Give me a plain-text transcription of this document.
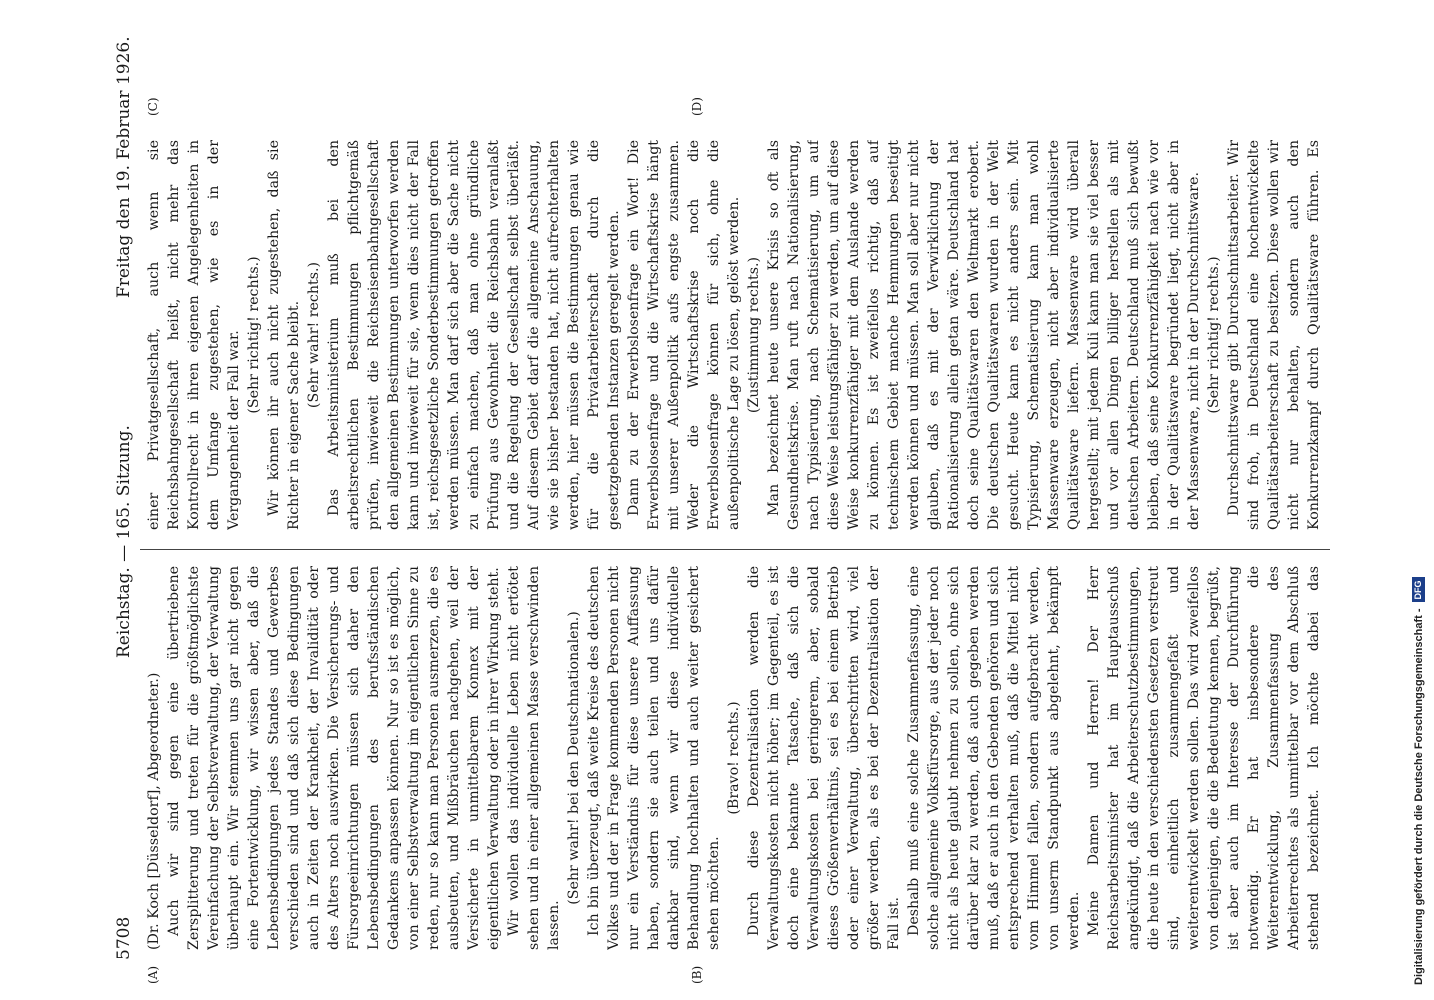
5708
Reichstag. — 165. Sitzung.
Freitag den 19. Februar 1926.
(A)	(B)
(C)	(D)

(Dr. Koch [Düsseldorf], Abgeordneter.) Auch wir sind gegen eine übertriebene Zersplitterung und treten für die größtmöglichste Vereinfachung der Selbstverwaltung, der Verwaltung überhaupt ein. Wir stemmen uns gar nicht gegen eine Fortentwicklung, wir wissen aber, daß die Lebensbedingungen jedes Standes und Gewerbes verschieden sind und daß sich diese Bedingungen auch in Zeiten der Krankheit, der Invalidität oder des Alters noch auswirken. Die Versicherungs- und Fürsorgeeinrichtungen müssen sich daher den Lebensbedingungen des berufsständischen Gedankens anpassen können. Nur so ist es möglich, von einer Selbstverwaltung im eigentlichen Sinne zu reden, nur so kann man Personen ausmerzen, die es ausbeuten, und Mißbräuchen nachgehen, weil der Versicherte in unmittelbarem Konnex mit der eigentlichen Verwaltung oder in ihrer Wirkung steht. Wir wollen das individuelle Leben nicht ertötet sehen und in einer allgemeinen Masse verschwinden lassen.

(Sehr wahr! bei den Deutschnationalen.) Ich bin überzeugt, daß weite Kreise des deutschen Volkes und der in Frage kommenden Personen nicht nur ein Verständnis für diese unsere Auffassung haben, sondern sie auch teilen und uns dafür dankbar sind, wenn wir diese individuelle Behandlung hochhalten und auch weiter gesichert sehen möchten.

(Bravo! rechts.) Durch diese Dezentralisation werden die Verwaltungskosten nicht höher; im Gegenteil, es ist doch eine bekannte Tatsache, daß sich die Verwaltungskosten bei geringerem, aber, sobald dieses Größenverhältnis, sei es bei einem Betrieb oder einer Verwaltung, überschritten wird, viel größer werden, als es bei der Dezentralisation der Fall ist. Deshalb muß eine solche Zusammenfassung, eine solche allgemeine Volksfürsorge, aus der jeder noch nicht als heute glaubt nehmen zu sollen, ohne sich darüber klar zu werden, daß auch gegeben werden muß, daß er auch in den Gebenden gehören und sich entsprechend verhalten muß, daß die Mittel nicht vom Himmel fallen, sondern aufgebracht werden, von unserm Standpunkt aus abgelehnt, bekämpft werden. Meine Damen und Herren! Der Herr Reichsarbeitsminister hat im Hauptausschuß angekündigt, daß die Arbeiterschutzbestimmungen, die heute in den verschiedensten Gesetzen verstreut sind, einheitlich zusammengefaßt und weiterentwickelt werden sollen. Das wird zweifellos von denjenigen, die die Bedeutung kennen, begrüßt, ist aber auch im Interesse der Durchführung notwendig. Er hat insbesondere die Weiterentwicklung, Zusammenfassung des Arbeiterrechtes als unmittelbar vor dem Abschluß stehend bezeichnet. Ich möchte dabei das

einer Privatgesellschaft, auch wenn sie Reichsbahngesellschaft heißt, nicht mehr das Kontrollrecht in ihren eigenen Angelegenheiten in dem Umfange zugestehen, wie es in der Vergangenheit der Fall war. (Sehr richtig! rechts.) Wir können ihr auch nicht zugestehen, daß sie Richter in eigener Sache bleibt. (Sehr wahr! rechts.) Das Arbeitsministerium muß bei den arbeitsrechtlichen Bestimmungen pflichtgemäß prüfen, inwieweit die Reichseisenbahngesellschaft den allgemeinen Bestimmungen unterworfen werden kann und inwieweit für sie, wenn dies nicht der Fall ist, reichsgesetzliche Sonderbestimmungen getroffen werden müssen. Man darf sich aber die Sache nicht zu einfach machen, daß man ohne gründliche Prüfung aus Gewohnheit die Reichsbahn veranlaßt und die Regelung der Gesellschaft selbst überläßt. Auf diesem Gebiet darf die allgemeine Anschauung, wie sie bisher bestanden hat, nicht aufrechterhalten werden, hier müssen die Bestimmungen genau wie für die Privatarbeiterschaft durch die gesetzgebenden Instanzen geregelt werden. Dann zu der Erwerbslosenfrage ein Wort! Die Erwerbslosenfrage und die Wirtschaftskrise hängt mit unserer Außenpolitik aufs engste zusammen. Weder die Wirtschaftskrise noch die Erwerbslosenfrage können für sich, ohne die außenpolitische Lage zu lösen, gelöst werden. (Zustimmung rechts.) Man bezeichnet heute unsere Krisis so oft als Gesundheitskrise. Man ruft nach Nationalisierung, nach Typisierung, nach Schematisierung, um auf diese Weise leistungsfähiger zu werden, um auf diese Weise konkurrenzfähiger mit dem Auslande werden zu können. Es ist zweifellos richtig, daß auf technischem Gebiet manche Hemmungen beseitigt werden können und müssen. Man soll aber nur nicht glauben, daß es mit der Verwirklichung der Rationalisierung allein getan wäre. Deutschland hat doch seine Qualitätswaren den Weltmarkt erobert. Die deutschen Qualitätswaren wurden in der Welt gesucht. Heute kann es nicht anders sein. Mit Typisierung, Schematisierung kann man wohl Massenware erzeugen, nicht aber individualisierte Qualitätsware liefern. Massenware wird überall hergestellt; mit jedem Kuli kann man sie viel besser und vor allen Dingen billiger herstellen als mit deutschen Arbeitern. Deutschland muß sich bewußt bleiben, daß seine Konkurrenzfähigkeit nach wie vor in der Qualitätsware begründet liegt, nicht aber in der Massenware, nicht in der Durchschnittsware. (Sehr richtig! rechts.)

Durchschnittsware gibt Durchschnittsarbeiter. Wir sind froh, in Deutschland eine hochentwickelte Qualitätsarbeiterschaft zu besitzen. Diese wollen wir nicht nur behalten, sondern auch den Konkurrenzkampf durch Qualitätsware führen. Es

Digitalisierung gefördert durch die Deutsche Forschungsgemeinschaft -
DFG
